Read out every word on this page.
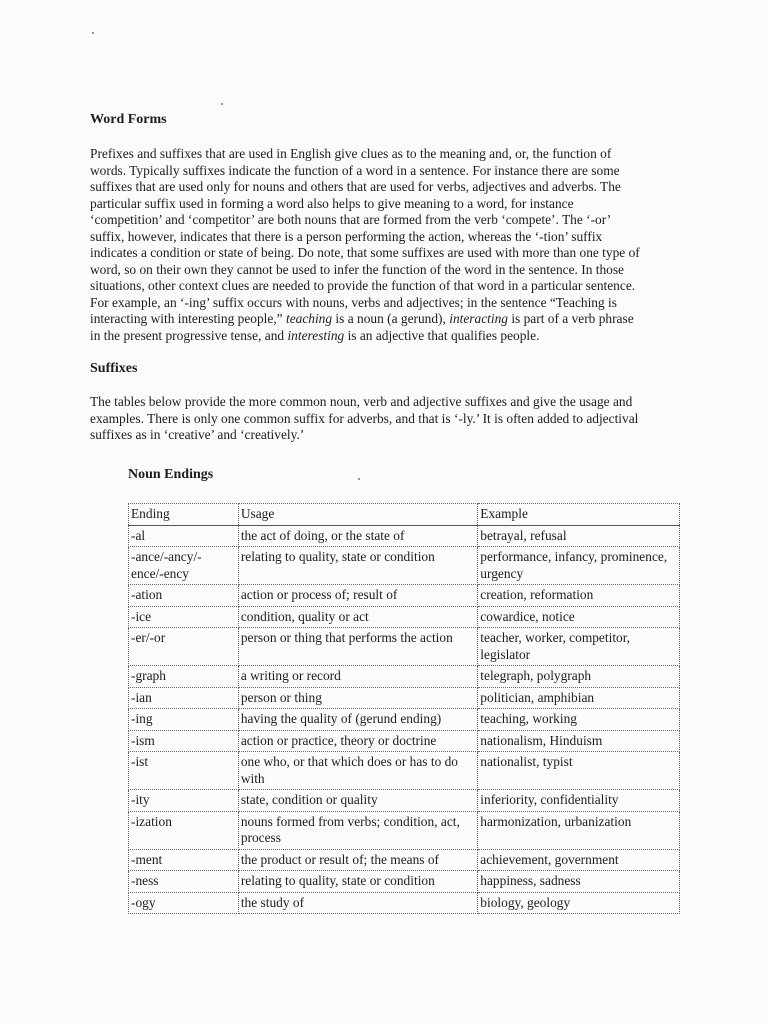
Word Forms

Prefixes and suffixes that are used in English give clues as to the meaning and, or, the function of words. Typically suffixes indicate the function of a word in a sentence. For instance there are some suffixes that are used only for nouns and others that are used for verbs, adjectives and adverbs. The particular suffix used in forming a word also helps to give meaning to a word, for instance ‘competition’ and ‘competitor’ are both nouns that are formed from the verb ‘compete’. The ‘-or’ suffix, however, indicates that there is a person performing the action, whereas the ‘-tion’ suffix indicates a condition or state of being. Do note, that some suffixes are used with more than one type of word, so on their own they cannot be used to infer the function of the word in the sentence. In those situations, other context clues are needed to provide the function of that word in a particular sentence. For example, an ‘-ing’ suffix occurs with nouns, verbs and adjectives; in the sentence “Teaching is interacting with interesting people,” teaching is a noun (a gerund), interacting is part of a verb phrase in the present progressive tense, and interesting is an adjective that qualifies people.

Suffixes

The tables below provide the more common noun, verb and adjective suffixes and give the usage and examples. There is only one common suffix for adverbs, and that is ‘-ly.’ It is often added to adjectival suffixes as in ‘creative’ and ‘creatively.’

Noun Endings
Ending	Usage	Example
-al	the act of doing, or the state of	betrayal, refusal
-ance/-ancy/-ence/-ency	relating to quality, state or condition	performance, infancy, prominence, urgency
-ation	action or process of; result of	creation, reformation
-ice	condition, quality or act	cowardice, notice
-er/-or	person or thing that performs the action	teacher, worker, competitor, legislator
-graph	a writing or record	telegraph, polygraph
-ian	person or thing	politician, amphibian
-ing	having the quality of (gerund ending)	teaching, working
-ism	action or practice, theory or doctrine	nationalism, Hinduism
-ist	one who, or that which does or has to do with	nationalist, typist
-ity	state, condition or quality	inferiority, confidentiality
-ization	nouns formed from verbs; condition, act, process	harmonization, urbanization
-ment	the product or result of; the means of	achievement, government
-ness	relating to quality, state or condition	happiness, sadness
-ogy	the study of	biology, geology
